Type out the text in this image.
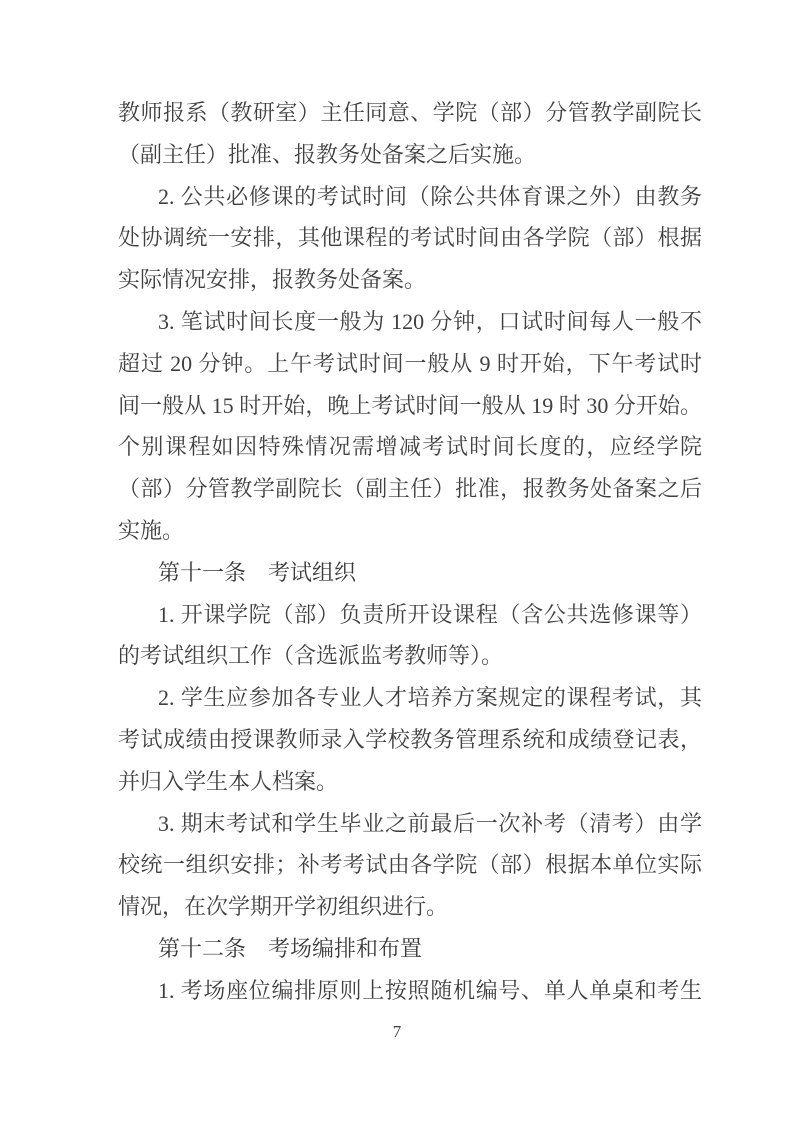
教师报系（教研室）主任同意、学院（部）分管教学副院长
（副主任）批准、报教务处备案之后实施。
2. 公共必修课的考试时间（除公共体育课之外）由教务
处协调统一安排，其他课程的考试时间由各学院（部）根据
实际情况安排，报教务处备案。
3. 笔试时间长度一般为 120 分钟，口试时间每人一般不
超过 20 分钟。上午考试时间一般从 9 时开始，下午考试时
间一般从 15 时开始，晚上考试时间一般从 19 时 30 分开始。
个别课程如因特殊情况需增减考试时间长度的，应经学院
（部）分管教学副院长（副主任）批准，报教务处备案之后
实施。
第十一条　考试组织
1. 开课学院（部）负责所开设课程（含公共选修课等）
的考试组织工作（含选派监考教师等）。
2. 学生应参加各专业人才培养方案规定的课程考试，其
考试成绩由授课教师录入学校教务管理系统和成绩登记表，
并归入学生本人档案。
3. 期末考试和学生毕业之前最后一次补考（清考）由学
校统一组织安排；补考考试由各学院（部）根据本单位实际
情况，在次学期开学初组织进行。
第十二条　考场编排和布置
1. 考场座位编排原则上按照随机编号、单人单桌和考生
7
